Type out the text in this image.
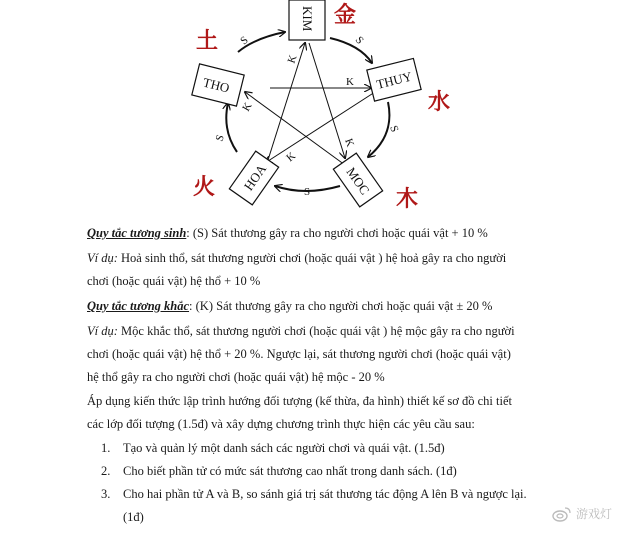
K
K
K
K
K
S	S
S
S
S
KIM
THUY
MOC
HOA
THO
金
水
木
火
土
Quy tắc tương sinh: (S) Sát thương gây ra cho người chơi hoặc quái vật + 10 %
Ví dụ: Hoả sinh thổ, sát thương người chơi (hoặc quái vật ) hệ hoả gây ra cho người chơi (hoặc quái vật) hệ thổ + 10 %
Quy tắc tương khắc: (K) Sát thương gây ra cho người chơi hoặc quái vật ± 20 %
Ví dụ: Mộc khắc thổ, sát thương người chơi (hoặc quái vật ) hệ mộc gây ra cho người chơi (hoặc quái vật) hệ thổ + 20 %. Ngược lại, sát thương người chơi (hoặc quái vật) hệ thổ gây ra cho người chơi (hoặc quái vật) hệ mộc - 20 %
Áp dụng kiến thức lập trình hướng đối tượng (kế thừa, đa hình) thiết kế sơ đồ chi tiết các lớp đối tượng (1.5đ) và xây dựng chương trình thực hiện các yêu cầu sau:
1.	Tạo và quản lý một danh sách các người chơi và quái vật. (1.5đ)
2.	Cho biết phần tử có mức sát thương cao nhất trong danh sách. (1đ)
3.	Cho hai phần tử A và B, so sánh giá trị sát thương tác động A lên B và ngược lại. (1đ)	游戏灯
